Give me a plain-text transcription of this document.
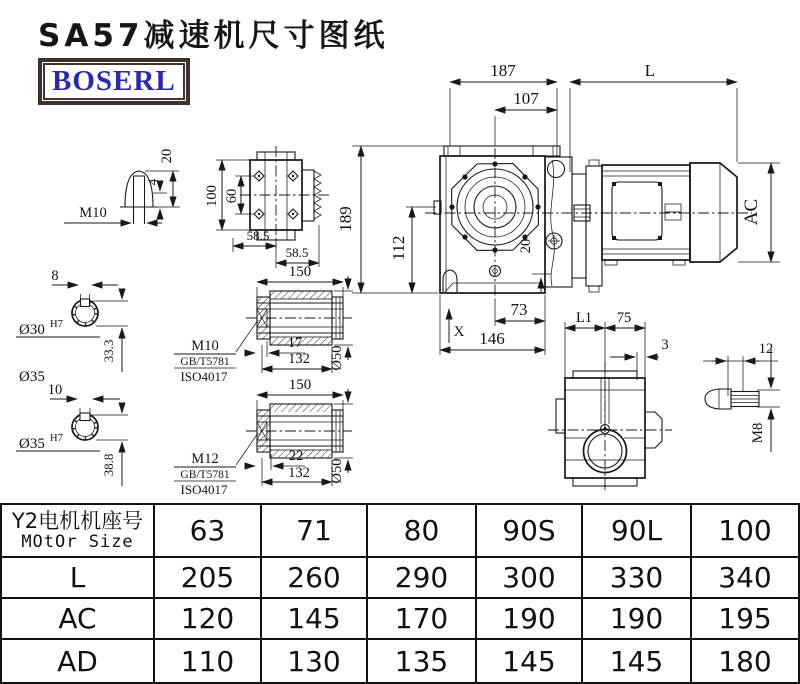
SA57减速机尺寸图纸
BOSERL	187	L
107
189
112	20
X
73
146
AC
M10
4
20
100 60
58.5
58.5
8
Ø30 H7
33.3
Ø35
10
Ø35 H7
38.8
150
M10
GB/T5781
ISO4017
17
132 Ø50
150
M12
GB/T5781
ISO4017
22
132 Ø50
L1 75
3	12
M8
Y2电机机座号
MOtOr Size	63	71	80	90S	90L	100
L	205	260	290	300	330	340
AC	120	145	170	190	190	195
AD	110	130	135	145	145	180
